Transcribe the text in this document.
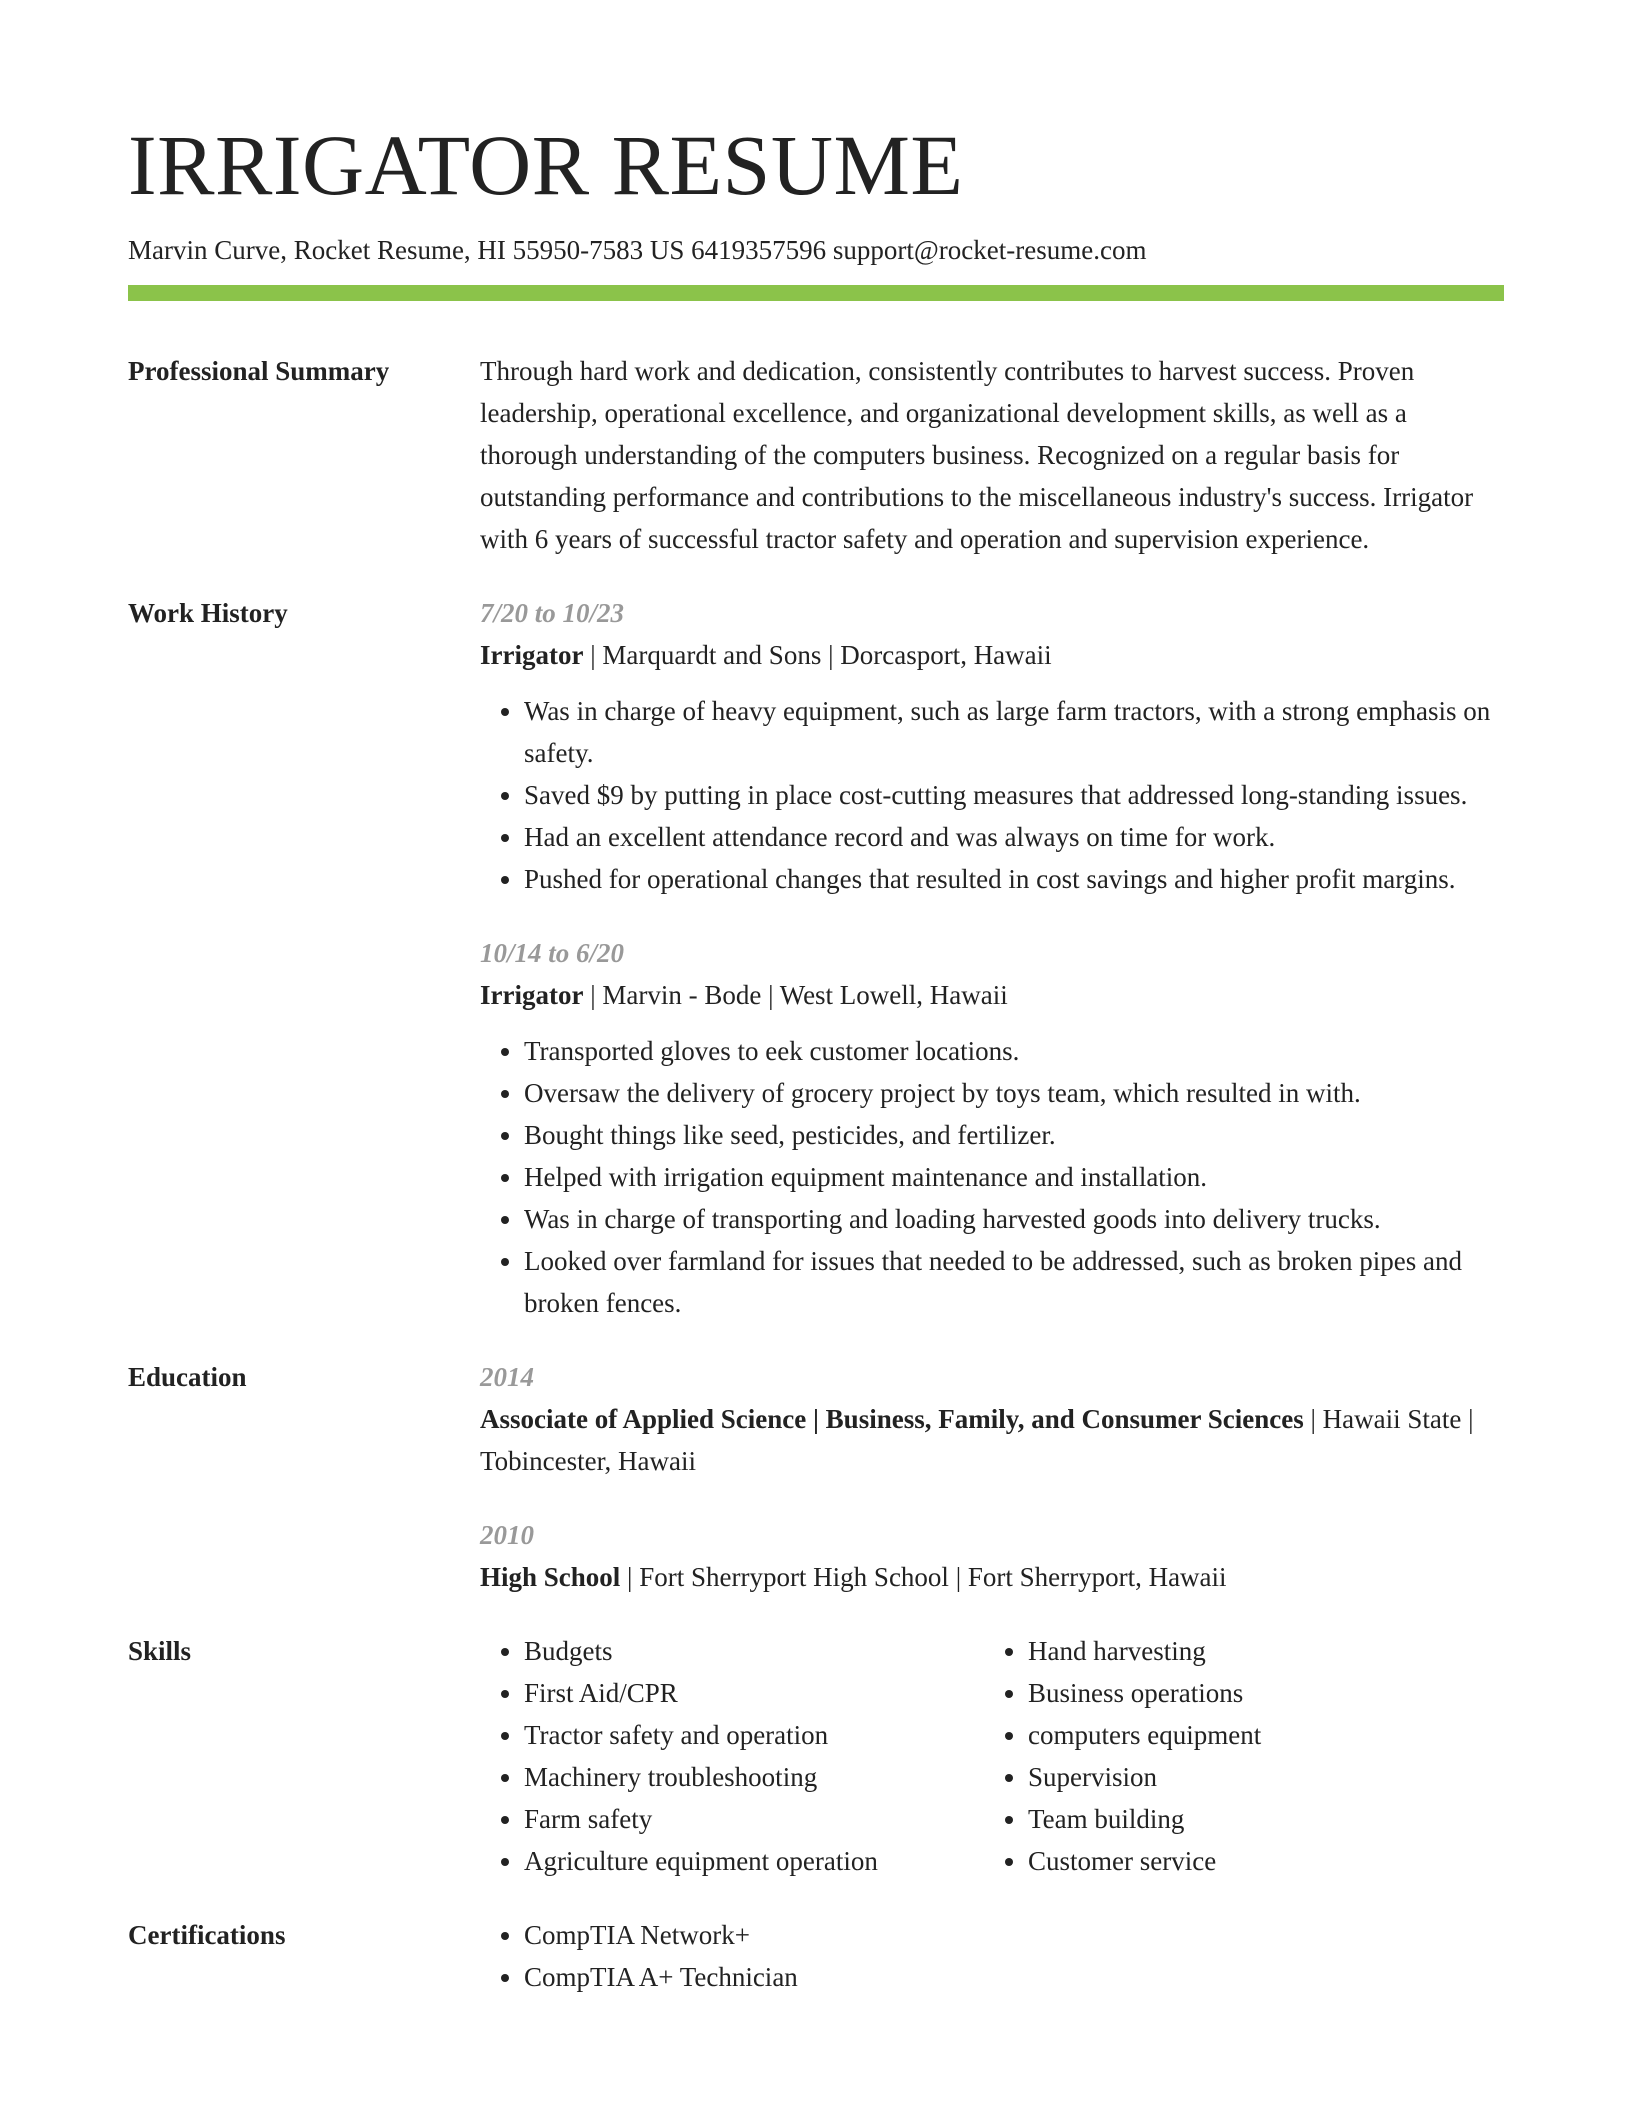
IRRIGATOR RESUME
Marvin Curve, Rocket Resume, HI 55950-7583 US 6419357596 support@rocket-resume.com
Professional Summary	Through hard work and dedication, consistently contributes to harvest success. Proven leadership, operational excellence, and organizational development skills, as well as a thorough understanding of the computers business. Recognized on a regular basis for outstanding performance and contributions to the miscellaneous industry's success. Irrigator with 6 years of successful tractor safety and operation and supervision experience.

Work History	7/20 to 10/23
Irrigator | Marquardt and Sons | Dorcasport, Hawaii
• Was in charge of heavy equipment, such as large farm tractors, with a strong emphasis on safety.
• Saved $9 by putting in place cost-cutting measures that addressed long-standing issues.
• Had an excellent attendance record and was always on time for work.
• Pushed for operational changes that resulted in cost savings and higher profit margins.
10/14 to 6/20
Irrigator | Marvin - Bode | West Lowell, Hawaii
• Transported gloves to eek customer locations.
• Oversaw the delivery of grocery project by toys team, which resulted in with.
• Bought things like seed, pesticides, and fertilizer.
• Helped with irrigation equipment maintenance and installation.
• Was in charge of transporting and loading harvested goods into delivery trucks.
• Looked over farmland for issues that needed to be addressed, such as broken pipes and broken fences.
Education	2014
Associate of Applied Science | Business, Family, and Consumer Sciences | Hawaii State | Tobincester, Hawaii
2010
High School | Fort Sherryport High School | Fort Sherryport, Hawaii
Skills	• Budgets
• First Aid/CPR
• Tractor safety and operation
• Machinery troubleshooting
• Farm safety
• Agriculture equipment operation
• Hand harvesting
• Business operations
• computers equipment
• Supervision
• Team building
• Customer service
Certifications	• CompTIA Network+
• CompTIA A+ Technician
